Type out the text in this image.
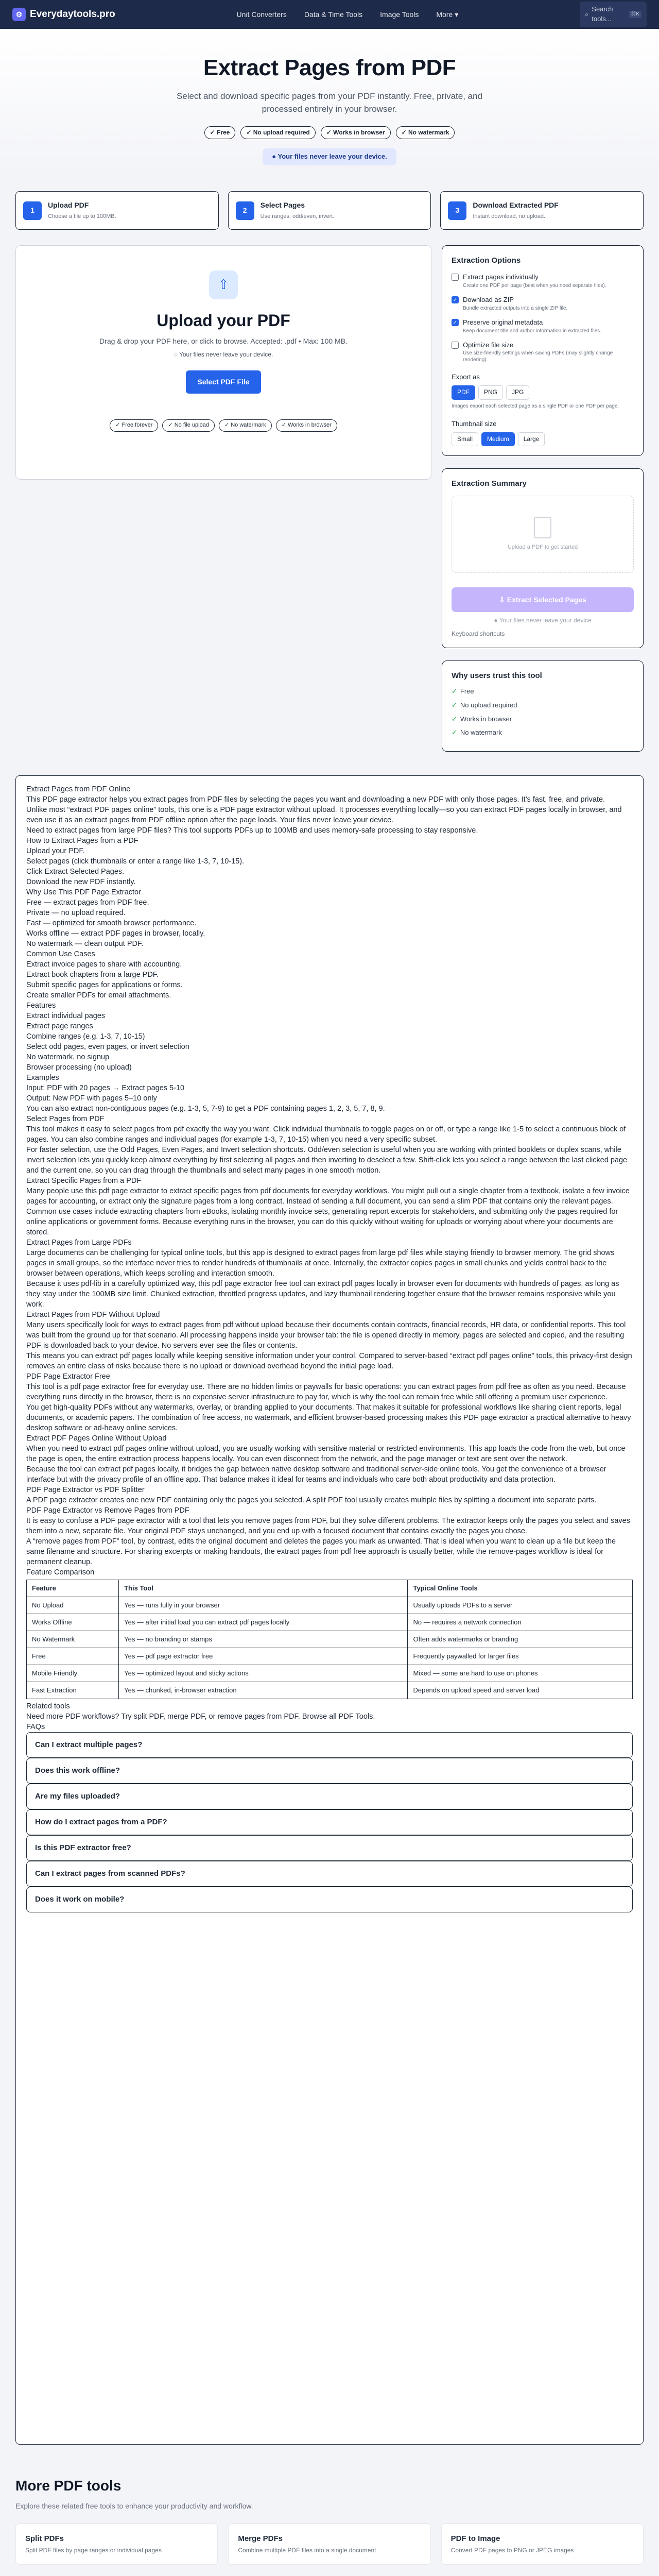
⚙ Everydaytools.pro	Unit Converters Data & Time Tools Image Tools More ▾	⌕
Search tools...
⌘K
Extract Pages from PDF

Select and download specific pages from your PDF instantly. Free, private, and
processed entirely in your browser.

✓ Free	✓ No upload required	✓ Works in browser	✓ No watermark
● Your files never leave your device.
1
Upload PDF
Choose a file up to 100MB.
2
Select Pages
Use ranges, odd/even, invert.
3
Download Extracted PDF
Instant download, no upload.
⇧
Upload your PDF
Drag & drop your PDF here, or click to browse. Accepted: .pdf • Max: 100 MB.
◌ Your files never leave your device.
Select PDF File
✓ Free forever	✓ No file upload	✓ No watermark	✓ Works in browser
Extraction Options
Extract pages individually
Create one PDF per page (best when you need separate files).
✓ Download as ZIP
Bundle extracted outputs into a single ZIP file.
✓ Preserve original metadata
Keep document title and author information in extracted files.
Optimize file size
Use size-friendly settings when saving PDFs (may slightly change rendering).
Export as
PDF	PNG	JPG
Images export each selected page as a single PDF or one PDF per page.
Thumbnail size
Small	Medium	Large
Extraction Summary
Upload a PDF to get started
⇩ Extract Selected Pages
● Your files never leave your device
Keyboard shortcuts
Why users trust this tool
✓ Free
✓ No upload required
✓ Works in browser
✓ No watermark
Extract Pages from PDF Online

This PDF page extractor helps you extract pages from PDF files by selecting the pages you want and downloading a new PDF with only those pages. It’s fast, free, and private.

Unlike most “extract PDF pages online” tools, this one is a PDF page extractor without upload. It processes everything locally—so you can extract PDF pages locally in browser, and even use it as an extract pages from PDF offline option after the page loads. Your files never leave your device.

Need to extract pages from large PDF files? This tool supports PDFs up to 100MB and uses memory-safe processing to stay responsive.

How to Extract Pages from a PDF
Upload your PDF.
Select pages (click thumbnails or enter a range like 1-3, 7, 10-15).
Click Extract Selected Pages.
Download the new PDF instantly.
Why Use This PDF Page Extractor
Free — extract pages from PDF free.
Private — no upload required.
Fast — optimized for smooth browser performance.
Works offline — extract PDF pages in browser, locally.
No watermark — clean output PDF.
Common Use Cases
Extract invoice pages to share with accounting.
Extract book chapters from a large PDF.
Submit specific pages for applications or forms.
Create smaller PDFs for email attachments.
Features
Extract individual pages
Extract page ranges
Combine ranges (e.g. 1-3, 7, 10-15)
Select odd pages, even pages, or invert selection
No watermark, no signup
Browser processing (no upload)
Examples
Input: PDF with 20 pages → Extract pages 5-10
Output: New PDF with pages 5–10 only

You can also extract non-contiguous pages (e.g. 1-3, 5, 7-9) to get a PDF containing pages 1, 2, 3, 5, 7, 8, 9.

Select Pages from PDF

This tool makes it easy to select pages from pdf exactly the way you want. Click individual thumbnails to toggle pages on or off, or type a range like 1-5 to select a continuous block of pages. You can also combine ranges and individual pages (for example 1-3, 7, 10-15) when you need a very specific subset.

For faster selection, use the Odd Pages, Even Pages, and Invert selection shortcuts. Odd/even selection is useful when you are working with printed booklets or duplex scans, while invert selection lets you quickly keep almost everything by first selecting all pages and then inverting to deselect a few. Shift-click lets you select a range between the last clicked page and the current one, so you can drag through the thumbnails and select many pages in one smooth motion.

Extract Specific Pages from a PDF

Many people use this pdf page extractor to extract specific pages from pdf documents for everyday workflows. You might pull out a single chapter from a textbook, isolate a few invoice pages for accounting, or extract only the signature pages from a long contract. Instead of sending a full document, you can send a slim PDF that contains only the relevant pages.

Common use cases include extracting chapters from eBooks, isolating monthly invoice sets, generating report excerpts for stakeholders, and submitting only the pages required for online applications or government forms. Because everything runs in the browser, you can do this quickly without waiting for uploads or worrying about where your documents are stored.

Extract Pages from Large PDFs

Large documents can be challenging for typical online tools, but this app is designed to extract pages from large pdf files while staying friendly to browser memory. The grid shows pages in small groups, so the interface never tries to render hundreds of thumbnails at once. Internally, the extractor copies pages in small chunks and yields control back to the browser between operations, which keeps scrolling and interaction smooth.

Because it uses pdf-lib in a carefully optimized way, this pdf page extractor free tool can extract pdf pages locally in browser even for documents with hundreds of pages, as long as they stay under the 100MB size limit. Chunked extraction, throttled progress updates, and lazy thumbnail rendering together ensure that the browser remains responsive while you work.

Extract Pages from PDF Without Upload

Many users specifically look for ways to extract pages from pdf without upload because their documents contain contracts, financial records, HR data, or confidential reports. This tool was built from the ground up for that scenario. All processing happens inside your browser tab: the file is opened directly in memory, pages are selected and copied, and the resulting PDF is downloaded back to your device. No servers ever see the files or contents.

This means you can extract pdf pages locally while keeping sensitive information under your control. Compared to server-based “extract pdf pages online” tools, this privacy-first design removes an entire class of risks because there is no upload or download overhead beyond the initial page load.

PDF Page Extractor Free

This tool is a pdf page extractor free for everyday use. There are no hidden limits or paywalls for basic operations: you can extract pages from pdf free as often as you need. Because everything runs directly in the browser, there is no expensive server infrastructure to pay for, which is why the tool can remain free while still offering a premium user experience.

You get high-quality PDFs without any watermarks, overlay, or branding applied to your documents. That makes it suitable for professional workflows like sharing client reports, legal documents, or academic papers. The combination of free access, no watermark, and efficient browser-based processing makes this PDF page extractor a practical alternative to heavy desktop software or ad-heavy online services.

Extract PDF Pages Online Without Upload

When you need to extract pdf pages online without upload, you are usually working with sensitive material or restricted environments. This app loads the code from the web, but once the page is open, the entire extraction process happens locally. You can even disconnect from the network, and the page manager or text are sent over the network.

Because the tool can extract pdf pages locally, it bridges the gap between native desktop software and traditional server-side online tools. You get the convenience of a browser interface but with the privacy profile of an offline app. That balance makes it ideal for teams and individuals who care both about productivity and data protection.

PDF Page Extractor vs PDF Splitter

A PDF page extractor creates one new PDF containing only the pages you selected. A split PDF tool usually creates multiple files by splitting a document into separate parts.

PDF Page Extractor vs Remove Pages from PDF

It is easy to confuse a PDF page extractor with a tool that lets you remove pages from PDF, but they solve different problems. The extractor keeps only the pages you select and saves them into a new, separate file. Your original PDF stays unchanged, and you end up with a focused document that contains exactly the pages you chose.

A “remove pages from PDF” tool, by contrast, edits the original document and deletes the pages you mark as unwanted. That is ideal when you want to clean up a file but keep the same filename and structure. For sharing excerpts or making handouts, the extract pages from pdf free approach is usually better, while the remove-pages workflow is ideal for permanent cleanup.

Feature Comparison
Feature	This Tool	Typical Online Tools
No Upload	Yes — runs fully in your browser	Usually uploads PDFs to a server
Works Offline	Yes — after initial load you can extract pdf pages locally	No — requires a network connection
No Watermark	Yes — no branding or stamps	Often adds watermarks or branding
Free	Yes — pdf page extractor free	Frequently paywalled for larger files
Mobile Friendly	Yes — optimized layout and sticky actions	Mixed — some are hard to use on phones
Fast Extraction	Yes — chunked, in-browser extraction	Depends on upload speed and server load
Related tools

Need more PDF workflows? Try split PDF, merge PDF, or remove pages from PDF. Browse all PDF Tools.

FAQs
Can I extract multiple pages?
Does this work offline?
Are my files uploaded?
How do I extract pages from a PDF?
Is this PDF extractor free?
Can I extract pages from scanned PDFs?
Does it work on mobile?
More PDF tools
Explore these related free tools to enhance your productivity and workflow.
Split PDFs
Split PDF files by page ranges or individual pages
Merge PDFs
Combine multiple PDF files into a single document
PDF to Image
Convert PDF pages to PNG or JPEG images
